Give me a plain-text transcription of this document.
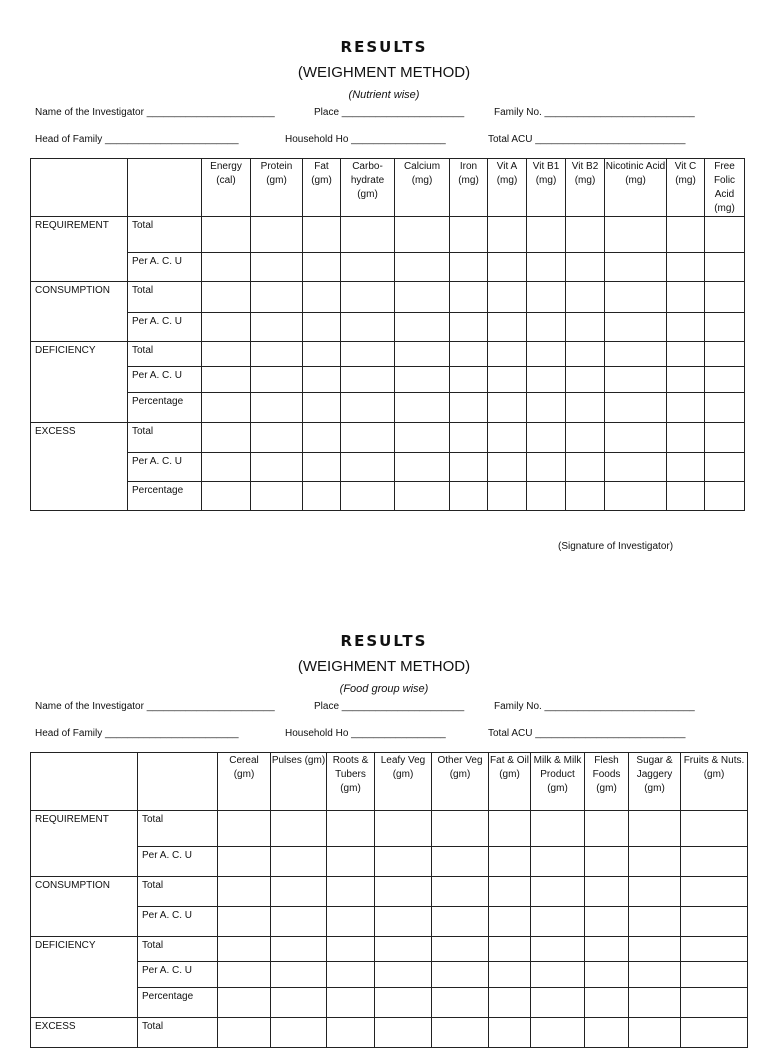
RESULTS
(WEIGHMENT METHOD)
(Nutrient wise)
Name of the Investigator _______________________	Place ______________________	Family No. ___________________________
Head of Family ________________________	Household Ho _________________	Total ACU ___________________________
		Energy (cal)	Protein (gm)	Fat (gm)	Carbo- hydrate (gm)	Calcium (mg)	Iron (mg)	Vit A (mg)	Vit B1 (mg)	Vit B2 (mg)	Nicotinic Acid (mg)	Vit C (mg)	Free Folic Acid (mg)
REQUIREMENT	Total												
	Per A. C. U												
CONSUMPTION	Total												
	Per A. C. U												
DEFICIENCY	Total												
	Per A. C. U												
	Percentage												
EXCESS	Total												
	Per A. C. U												
	Percentage												
(Signature of Investigator)
RESULTS
(WEIGHMENT METHOD)
(Food group wise)
Name of the Investigator _______________________	Place ______________________	Family No. ___________________________
Head of Family ________________________	Household Ho _________________	Total ACU ___________________________
		Cereal (gm)	Pulses (gm)	Roots & Tubers (gm)	Leafy Veg (gm)	Other Veg (gm)	Fat & Oil (gm)	Milk & Milk Product (gm)	Flesh Foods (gm)	Sugar & Jaggery (gm)	Fruits & Nuts. (gm)
REQUIREMENT	Total										
	Per A. C. U										
CONSUMPTION	Total										
	Per A. C. U										
DEFICIENCY	Total										
	Per A. C. U										
	Percentage										
EXCESS	Total										
